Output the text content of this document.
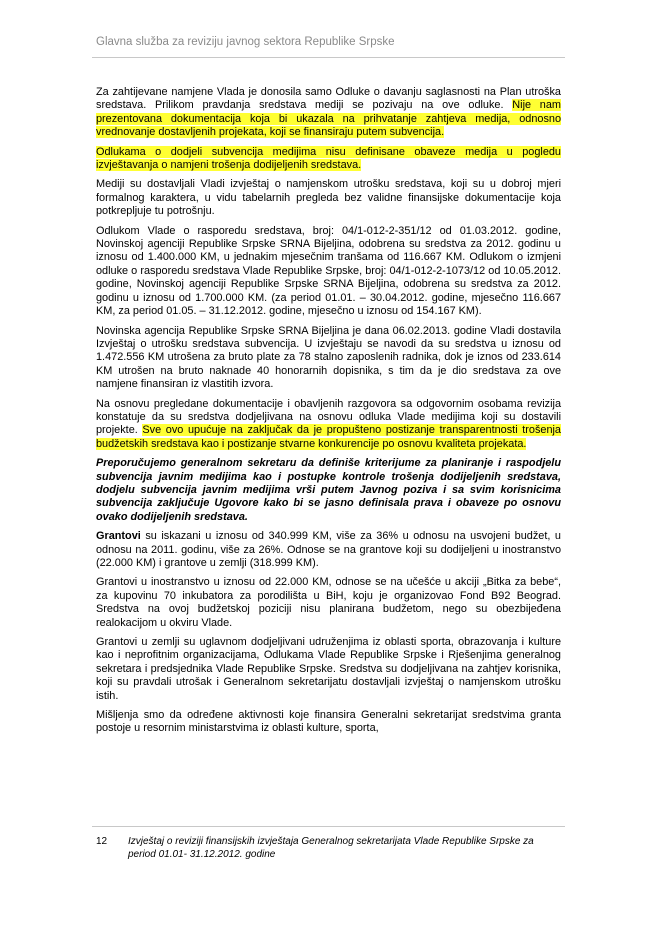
Glavna služba za reviziju javnog sektora Republike Srpske

Za zahtijevane namjene Vlada je donosila samo Odluke o davanju saglasnosti na Plan utroška sredstava. Prilikom pravdanja sredstava mediji se pozivaju na ove odluke. Nije nam prezentovana dokumentacija koja bi ukazala na prihvatanje zahtjeva medija, odnosno vrednovanje dostavljenih projekata, koji se finansiraju putem subvencija.

Odlukama o dodjeli subvencija medijima nisu definisane obaveze medija u pogledu izvještavanja o namjeni trošenja dodijeljenih sredstava.

Mediji su dostavljali Vladi izvještaj o namjenskom utrošku sredstava, koji su u dobroj mjeri formalnog karaktera, u vidu tabelarnih pregleda bez validne finansijske dokumentacije koja potkrepljuje tu potrošnju.

Odlukom Vlade o rasporedu sredstava, broj: 04/1-012-2-351/12 od 01.03.2012. godine, Novinskoj agenciji Republike Srpske SRNA Bijeljina, odobrena su sredstva za 2012. godinu u iznosu od 1.400.000 KM, u jednakim mjesečnim tranšama od 116.667 KM. Odlukom o izmjeni odluke o rasporedu sredstava Vlade Republike Srpske, broj: 04/1-012-2-1073/12 od 10.05.2012. godine, Novinskoj agenciji Republike Srpske SRNA Bijeljina, odobrena su sredstva za 2012. godinu u iznosu od 1.700.000 KM. (za period 01.01. – 30.04.2012. godine, mjesečno 116.667 KM, za period 01.05. – 31.12.2012. godine, mjesečno u iznosu od 154.167 KM).

Novinska agencija Republike Srpske SRNA Bijeljina je dana 06.02.2013. godine Vladi dostavila Izvještaj o utrošku sredstava subvencija. U izvještaju se navodi da su sredstva u iznosu od 1.472.556 KM utrošena za bruto plate za 78 stalno zaposlenih radnika, dok je iznos od 233.614 KM utrošen na bruto naknade 40 honorarnih dopisnika, s tim da je dio sredstava za ove namjene finansiran iz vlastitih izvora.

Na osnovu pregledane dokumentacije i obavljenih razgovora sa odgovornim osobama revizija konstatuje da su sredstva dodjeljivana na osnovu odluka Vlade medijima koji su dostavili projekte. Sve ovo upućuje na zaključak da je propušteno postizanje transparentnosti trošenja budžetskih sredstava kao i postizanje stvarne konkurencije po osnovu kvaliteta projekata.

Preporučujemo generalnom sekretaru da definiše kriterijume za planiranje i raspodjelu subvencija javnim medijima kao i postupke kontrole trošenja dodijeljenih sredstava, dodjelu subvencija javnim medijima vrši putem Javnog poziva i sa svim korisnicima subvencija zaključuje Ugovore kako bi se jasno definisala prava i obaveze po osnovu ovako dodijeljenih sredstava.

Grantovi su iskazani u iznosu od 340.999 KM, više za 36% u odnosu na usvojeni budžet, u odnosu na 2011. godinu, više za 26%. Odnose se na grantove koji su dodijeljeni u inostranstvo (22.000 KM) i grantove u zemlji (318.999 KM).

Grantovi u inostranstvo u iznosu od 22.000 KM, odnose se na učešće u akciji „Bitka za bebe“, za kupovinu 70 inkubatora za porodilišta u BiH, koju je organizovao Fond B92 Beograd. Sredstva na ovoj budžetskoj poziciji nisu planirana budžetom, nego su obezbijeđena realokacijom u okviru Vlade.

Grantovi u zemlji su uglavnom dodjeljivani udruženjima iz oblasti sporta, obrazovanja i kulture kao i neprofitnim organizacijama, Odlukama Vlade Republike Srpske i Rješenjima generalnog sekretara i predsjednika Vlade Republike Srpske. Sredstva su dodjeljivana na zahtjev korisnika, koji su pravdali utrošak i Generalnom sekretarijatu dostavljali izvještaj o namjenskom utrošku istih.

Mišljenja smo da određene aktivnosti koje finansira Generalni sekretarijat sredstvima granta postoje u resornim ministarstvima iz oblasti kulture, sporta,

12 Izvještaj o reviziji finansijskih izvještaja Generalnog sekretarijata Vlade Republike Srpske za period 01.01- 31.12.2012. godine
